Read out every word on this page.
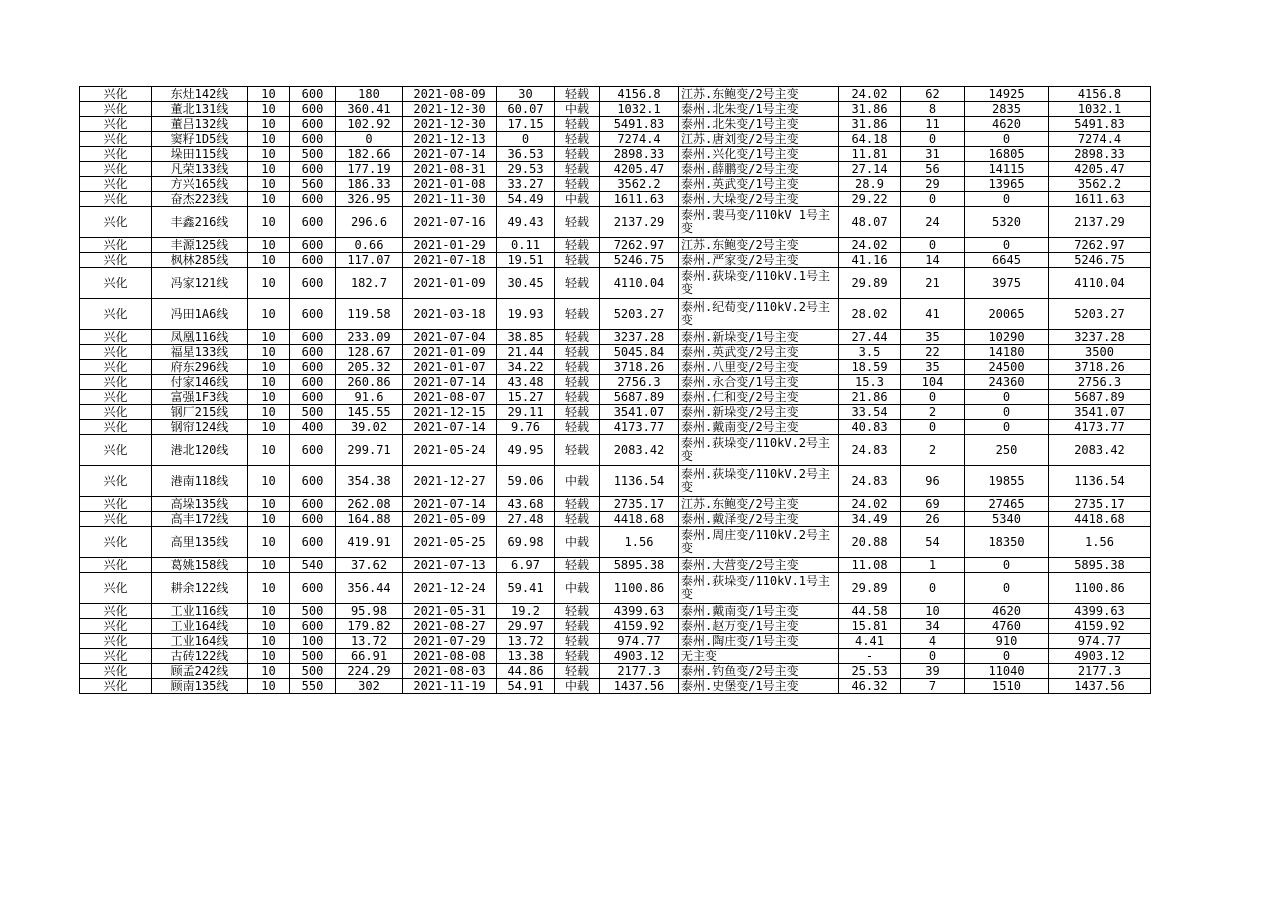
兴化	东灶142线	10	600	180	2021-08-09	30	轻载	4156.8	江苏.东鲍变/2号主变	24.02	62	14925	4156.8
兴化	董北131线	10	600	360.41	2021-12-30	60.07	中载	1032.1	泰州.北朱变/1号主变	31.86	8	2835	1032.1
兴化	董吕132线	10	600	102.92	2021-12-30	17.15	轻载	5491.83	泰州.北朱变/1号主变	31.86	11	4620	5491.83
兴化	窦籽1D5线	10	600	0	2021-12-13	0	轻载	7274.4	江苏.唐刘变/2号主变	64.18	0	0	7274.4
兴化	垛田115线	10	500	182.66	2021-07-14	36.53	轻载	2898.33	泰州.兴化变/1号主变	11.81	31	16805	2898.33
兴化	凡荣133线	10	600	177.19	2021-08-31	29.53	轻载	4205.47	泰州.薛鹏变/2号主变	27.14	56	14115	4205.47
兴化	方兴165线	10	560	186.33	2021-01-08	33.27	轻载	3562.2	泰州.英武变/1号主变	28.9	29	13965	3562.2
兴化	奋杰223线	10	600	326.95	2021-11-30	54.49	中载	1611.63	泰州.大垛变/2号主变	29.22	0	0	1611.63
兴化	丰鑫216线	10	600	296.6	2021-07-16	49.43	轻载	2137.29	泰州.裴马变/110kV 1号主变	48.07	24	5320	2137.29
兴化	丰源125线	10	600	0.66	2021-01-29	0.11	轻载	7262.97	江苏.东鲍变/2号主变	24.02	0	0	7262.97
兴化	枫林285线	10	600	117.07	2021-07-18	19.51	轻载	5246.75	泰州.严家变/2号主变	41.16	14	6645	5246.75
兴化	冯家121线	10	600	182.7	2021-01-09	30.45	轻载	4110.04	泰州.荻垛变/110kV.1号主变	29.89	21	3975	4110.04
兴化	冯田1A6线	10	600	119.58	2021-03-18	19.93	轻载	5203.27	泰州.纪荀变/110kV.2号主变	28.02	41	20065	5203.27
兴化	凤凰116线	10	600	233.09	2021-07-04	38.85	轻载	3237.28	泰州.新垛变/1号主变	27.44	35	10290	3237.28
兴化	福星133线	10	600	128.67	2021-01-09	21.44	轻载	5045.84	泰州.英武变/2号主变	3.5	22	14180	3500
兴化	府东296线	10	600	205.32	2021-01-07	34.22	轻载	3718.26	泰州.八里变/2号主变	18.59	35	24500	3718.26
兴化	付家146线	10	600	260.86	2021-07-14	43.48	轻载	2756.3	泰州.永合变/1号主变	15.3	104	24360	2756.3
兴化	富强1F3线	10	600	91.6	2021-08-07	15.27	轻载	5687.89	泰州.仁和变/2号主变	21.86	0	0	5687.89
兴化	钢厂215线	10	500	145.55	2021-12-15	29.11	轻载	3541.07	泰州.新垛变/2号主变	33.54	2	0	3541.07
兴化	钢帘124线	10	400	39.02	2021-07-14	9.76	轻载	4173.77	泰州.戴南变/2号主变	40.83	0	0	4173.77
兴化	港北120线	10	600	299.71	2021-05-24	49.95	轻载	2083.42	泰州.荻垛变/110kV.2号主变	24.83	2	250	2083.42
兴化	港南118线	10	600	354.38	2021-12-27	59.06	中载	1136.54	泰州.荻垛变/110kV.2号主变	24.83	96	19855	1136.54
兴化	高垛135线	10	600	262.08	2021-07-14	43.68	轻载	2735.17	江苏.东鲍变/2号主变	24.02	69	27465	2735.17
兴化	高丰172线	10	600	164.88	2021-05-09	27.48	轻载	4418.68	泰州.戴泽变/2号主变	34.49	26	5340	4418.68
兴化	高里135线	10	600	419.91	2021-05-25	69.98	中载	1.56	泰州.周庄变/110kV.2号主变	20.88	54	18350	1.56
兴化	葛姚158线	10	540	37.62	2021-07-13	6.97	轻载	5895.38	泰州.大营变/2号主变	11.08	1	0	5895.38
兴化	耕余122线	10	600	356.44	2021-12-24	59.41	中载	1100.86	泰州.荻垛变/110kV.1号主变	29.89	0	0	1100.86
兴化	工业116线	10	500	95.98	2021-05-31	19.2	轻载	4399.63	泰州.戴南变/1号主变	44.58	10	4620	4399.63
兴化	工业164线	10	600	179.82	2021-08-27	29.97	轻载	4159.92	泰州.赵万变/1号主变	15.81	34	4760	4159.92
兴化	工业164线	10	100	13.72	2021-07-29	13.72	轻载	974.77	泰州.陶庄变/1号主变	4.41	4	910	974.77
兴化	古砖122线	10	500	66.91	2021-08-08	13.38	轻载	4903.12	无主变	-	0	0	4903.12
兴化	顾孟242线	10	500	224.29	2021-08-03	44.86	轻载	2177.3	泰州.钓鱼变/2号主变	25.53	39	11040	2177.3
兴化	顾南135线	10	550	302	2021-11-19	54.91	中载	1437.56	泰州.史堡变/1号主变	46.32	7	1510	1437.56
